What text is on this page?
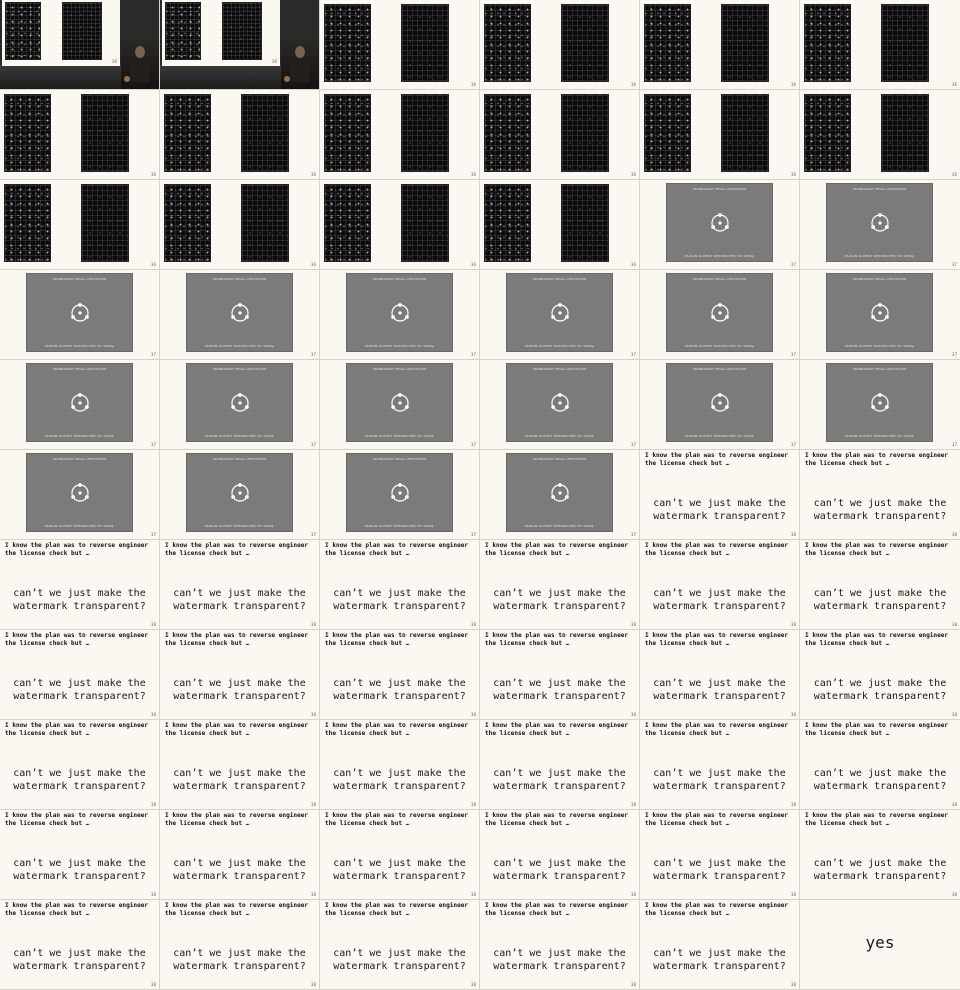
36	36
36	36	36	36
36	36	36	36	36	36
36	36	36	36
SKINNADOR TRIAL LIMITATION
PLUGIN OUTPUT RESTRICTED TO 1080p
37
SKINNADOR TRIAL LIMITATION
PLUGIN OUTPUT RESTRICTED TO 1080p
37
SKINNADOR TRIAL LIMITATION
PLUGIN OUTPUT RESTRICTED TO 1080p
37
SKINNADOR TRIAL LIMITATION
PLUGIN OUTPUT RESTRICTED TO 1080p
37
SKINNADOR TRIAL LIMITATION
PLUGIN OUTPUT RESTRICTED TO 1080p
37
SKINNADOR TRIAL LIMITATION
PLUGIN OUTPUT RESTRICTED TO 1080p
37
SKINNADOR TRIAL LIMITATION
PLUGIN OUTPUT RESTRICTED TO 1080p
37
SKINNADOR TRIAL LIMITATION
PLUGIN OUTPUT RESTRICTED TO 1080p
37
SKINNADOR TRIAL LIMITATION
PLUGIN OUTPUT RESTRICTED TO 1080p
37
SKINNADOR TRIAL LIMITATION
PLUGIN OUTPUT RESTRICTED TO 1080p
37
SKINNADOR TRIAL LIMITATION
PLUGIN OUTPUT RESTRICTED TO 1080p
37
SKINNADOR TRIAL LIMITATION
PLUGIN OUTPUT RESTRICTED TO 1080p
37
SKINNADOR TRIAL LIMITATION
PLUGIN OUTPUT RESTRICTED TO 1080p
37
SKINNADOR TRIAL LIMITATION
PLUGIN OUTPUT RESTRICTED TO 1080p
37
SKINNADOR TRIAL LIMITATION
PLUGIN OUTPUT RESTRICTED TO 1080p
37
SKINNADOR TRIAL LIMITATION
PLUGIN OUTPUT RESTRICTED TO 1080p
37
SKINNADOR TRIAL LIMITATION
PLUGIN OUTPUT RESTRICTED TO 1080p
37
SKINNADOR TRIAL LIMITATION
PLUGIN OUTPUT RESTRICTED TO 1080p
37
I know the plan was to reverse engineer
the license check but …
can’t we just make the
watermark transparent?
38
I know the plan was to reverse engineer
the license check but …
can’t we just make the
watermark transparent?
38
I know the plan was to reverse engineer
the license check but …
can’t we just make the
watermark transparent?
38
I know the plan was to reverse engineer
the license check but …
can’t we just make the
watermark transparent?
38
I know the plan was to reverse engineer
the license check but …
can’t we just make the
watermark transparent?
38
I know the plan was to reverse engineer
the license check but …
can’t we just make the
watermark transparent?
38
I know the plan was to reverse engineer
the license check but …
can’t we just make the
watermark transparent?
38
I know the plan was to reverse engineer
the license check but …
can’t we just make the
watermark transparent?
38
I know the plan was to reverse engineer
the license check but …
can’t we just make the
watermark transparent?
38
I know the plan was to reverse engineer
the license check but …
can’t we just make the
watermark transparent?
38
I know the plan was to reverse engineer
the license check but …
can’t we just make the
watermark transparent?
38
I know the plan was to reverse engineer
the license check but …
can’t we just make the
watermark transparent?
38
I know the plan was to reverse engineer
the license check but …
can’t we just make the
watermark transparent?
38
I know the plan was to reverse engineer
the license check but …
can’t we just make the
watermark transparent?
38
I know the plan was to reverse engineer
the license check but …
can’t we just make the
watermark transparent?
38
I know the plan was to reverse engineer
the license check but …
can’t we just make the
watermark transparent?
38
I know the plan was to reverse engineer
the license check but …
can’t we just make the
watermark transparent?
38
I know the plan was to reverse engineer
the license check but …
can’t we just make the
watermark transparent?
38
I know the plan was to reverse engineer
the license check but …
can’t we just make the
watermark transparent?
38
I know the plan was to reverse engineer
the license check but …
can’t we just make the
watermark transparent?
38
I know the plan was to reverse engineer
the license check but …
can’t we just make the
watermark transparent?
38
I know the plan was to reverse engineer
the license check but …
can’t we just make the
watermark transparent?
38
I know the plan was to reverse engineer
the license check but …
can’t we just make the
watermark transparent?
38
I know the plan was to reverse engineer
the license check but …
can’t we just make the
watermark transparent?
38
I know the plan was to reverse engineer
the license check but …
can’t we just make the
watermark transparent?
38
I know the plan was to reverse engineer
the license check but …
can’t we just make the
watermark transparent?
38
I know the plan was to reverse engineer
the license check but …
can’t we just make the
watermark transparent?
38
I know the plan was to reverse engineer
the license check but …
can’t we just make the
watermark transparent?
38
I know the plan was to reverse engineer
the license check but …
can’t we just make the
watermark transparent?
38
I know the plan was to reverse engineer
the license check but …
can’t we just make the
watermark transparent?
38
I know the plan was to reverse engineer
the license check but …
can’t we just make the
watermark transparent?
38
yes
